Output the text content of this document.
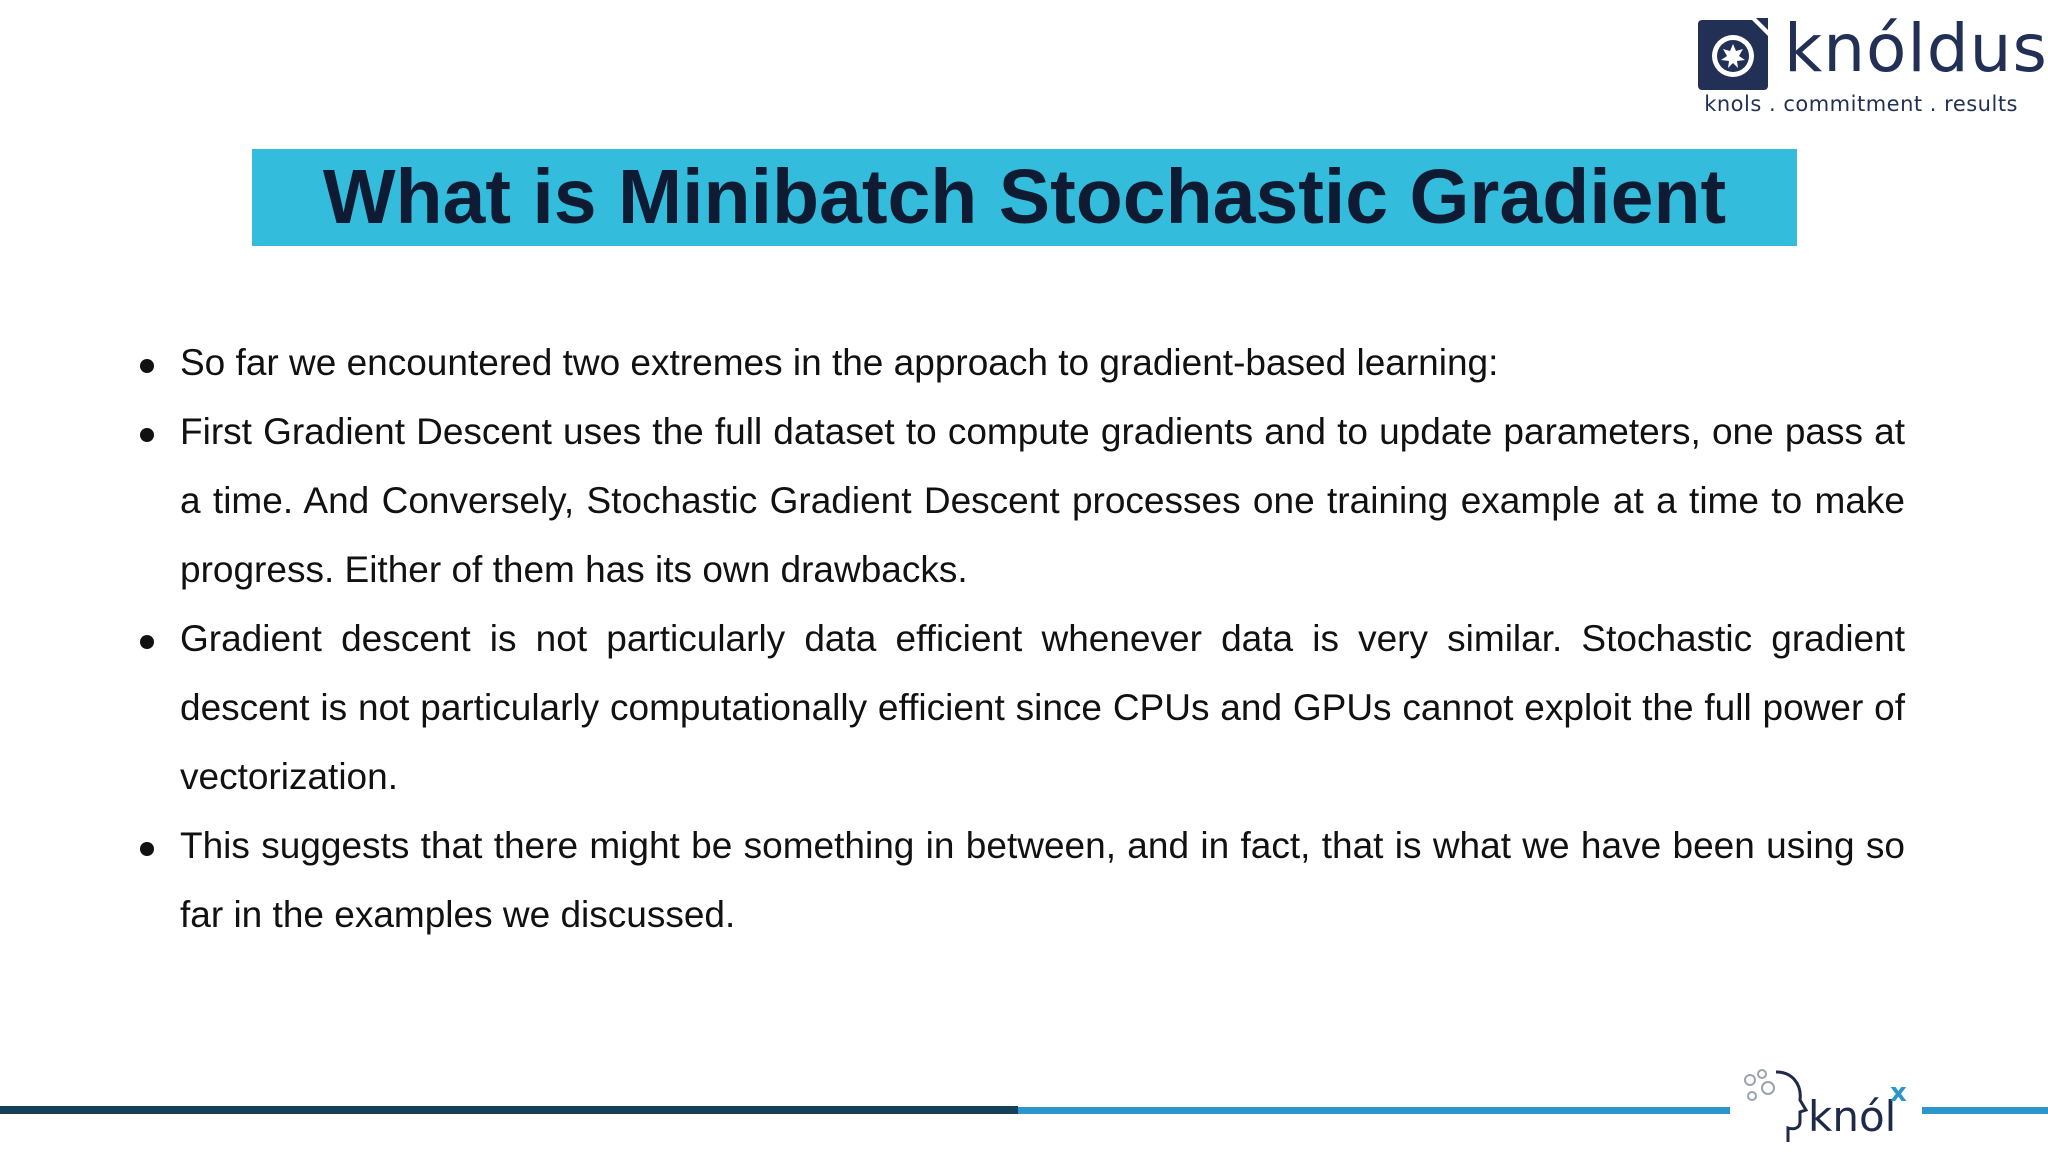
knóldus
knols . commitment . results
What is Minibatch Stochastic Gradient
So far we encountered two extremes in the approach to gradient-based learning:
First Gradient Descent uses the full dataset to compute gradients and to update parameters, one pass at a time. And Conversely, Stochastic Gradient Descent processes one training example at a time to make progress. Either of them has its own drawbacks.
Gradient descent is not particularly data efficient whenever data is very similar. Stochastic gradient descent is not particularly computationally efficient since CPUs and GPUs cannot exploit the full power of vectorization.
This suggests that there might be something in between, and in fact, that is what we have been using so far in the examples we discussed.
knól
x
